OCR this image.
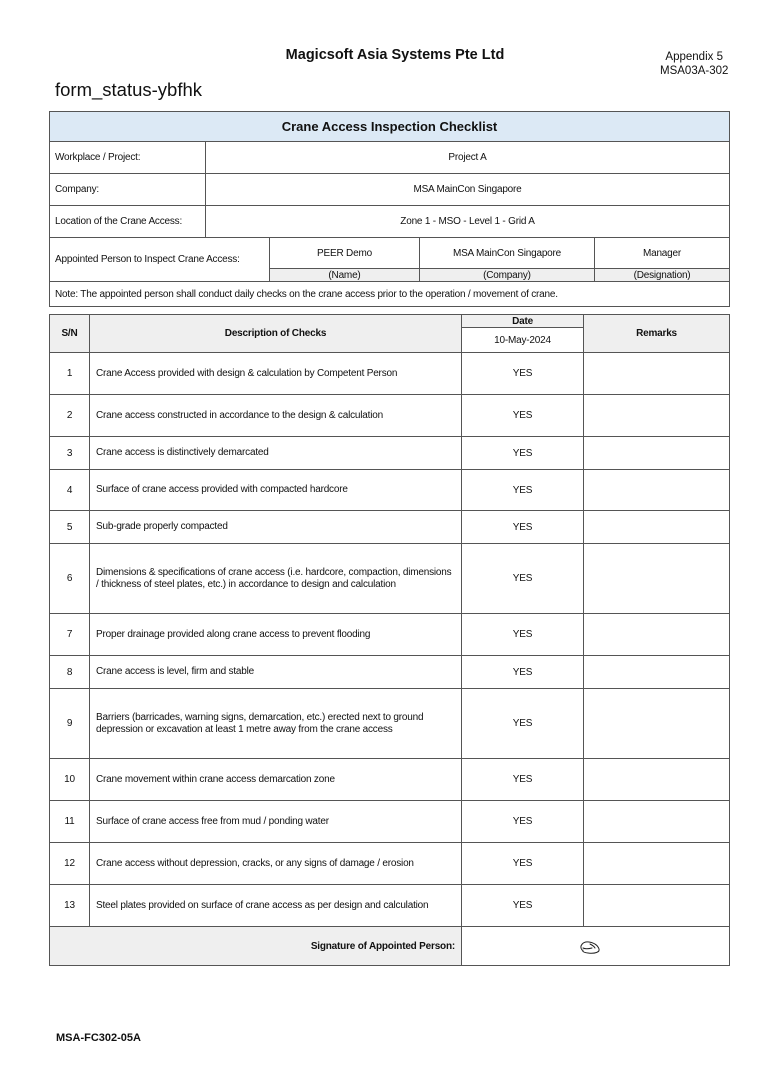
Magicsoft Asia Systems Pte Ltd	Appendix 5
MSA03A-302
form_status-ybfhk
Crane Access Inspection Checklist				
Workplace / Project:	Project A			
Company:	MSA MainCon Singapore			
Location of the Crane Access:	Zone 1 - MSO - Level 1 - Grid A			
Appointed Person to Inspect Crane Access:		PEER Demo	MSA MainCon Singapore	Manager
		(Name)	(Company)	(Designation)
Note: The appointed person shall conduct daily checks on the crane access prior to the operation / movement of crane.				
S/N	Description of Checks	Date	Remarks
		10-May-2024	
1	Crane Access provided with design & calculation by Competent Person	YES	
2	Crane access constructed in accordance to the design & calculation	YES	
3	Crane access is distinctively demarcated	YES	
4	Surface of crane access provided with compacted hardcore	YES	
5	Sub-grade properly compacted	YES	
6	Dimensions & specifications of crane access (i.e. hardcore, compaction, dimensions / thickness of steel plates, etc.) in accordance to design and calculation	YES	
7	Proper drainage provided along crane access to prevent flooding	YES	
8	Crane access is level, firm and stable	YES	
9	Barriers (barricades, warning signs, demarcation, etc.) erected next to ground depression or excavation at least 1 metre away from the crane access	YES	
10	Crane movement within crane access demarcation zone	YES	
11	Surface of crane access free from mud / ponding water	YES	
12	Crane access without depression, cracks, or any signs of damage / erosion	YES	
13	Steel plates provided on surface of crane access as per design and calculation	YES	
Signature of Appointed Person:	
MSA-FC302-05A
